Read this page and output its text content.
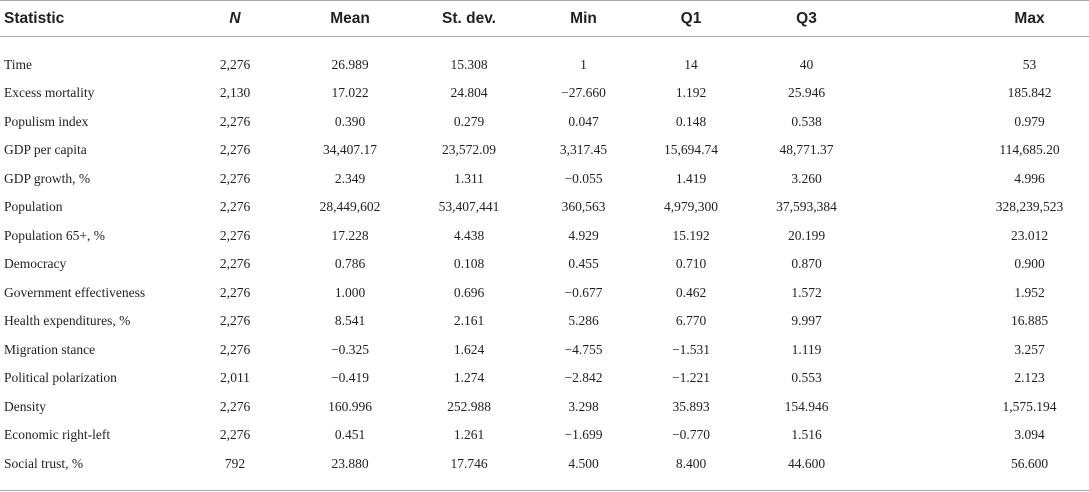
Statistic	N	Mean	St. dev.	Min	Q1	Q3	Max

Time	2,276	26.989	15.308	1	14	40	53
Excess mortality	2,130	17.022	24.804	−27.660	1.192	25.946	185.842
Populism index	2,276	0.390	0.279	0.047	0.148	0.538	0.979
GDP per capita	2,276	34,407.17	23,572.09	3,317.45	15,694.74	48,771.37	114,685.20
GDP growth, %	2,276	2.349	1.311	−0.055	1.419	3.260	4.996
Population	2,276	28,449,602	53,407,441	360,563	4,979,300	37,593,384	328,239,523
Population 65+, %	2,276	17.228	4.438	4.929	15.192	20.199	23.012
Democracy	2,276	0.786	0.108	0.455	0.710	0.870	0.900
Government effectiveness	2,276	1.000	0.696	−0.677	0.462	1.572	1.952
Health expenditures, %	2,276	8.541	2.161	5.286	6.770	9.997	16.885
Migration stance	2,276	−0.325	1.624	−4.755	−1.531	1.119	3.257
Political polarization	2,011	−0.419	1.274	−2.842	−1.221	0.553	2.123
Density	2,276	160.996	252.988	3.298	35.893	154.946	1,575.194
Economic right-left	2,276	0.451	1.261	−1.699	−0.770	1.516	3.094
Social trust, %	792	23.880	17.746	4.500	8.400	44.600	56.600
